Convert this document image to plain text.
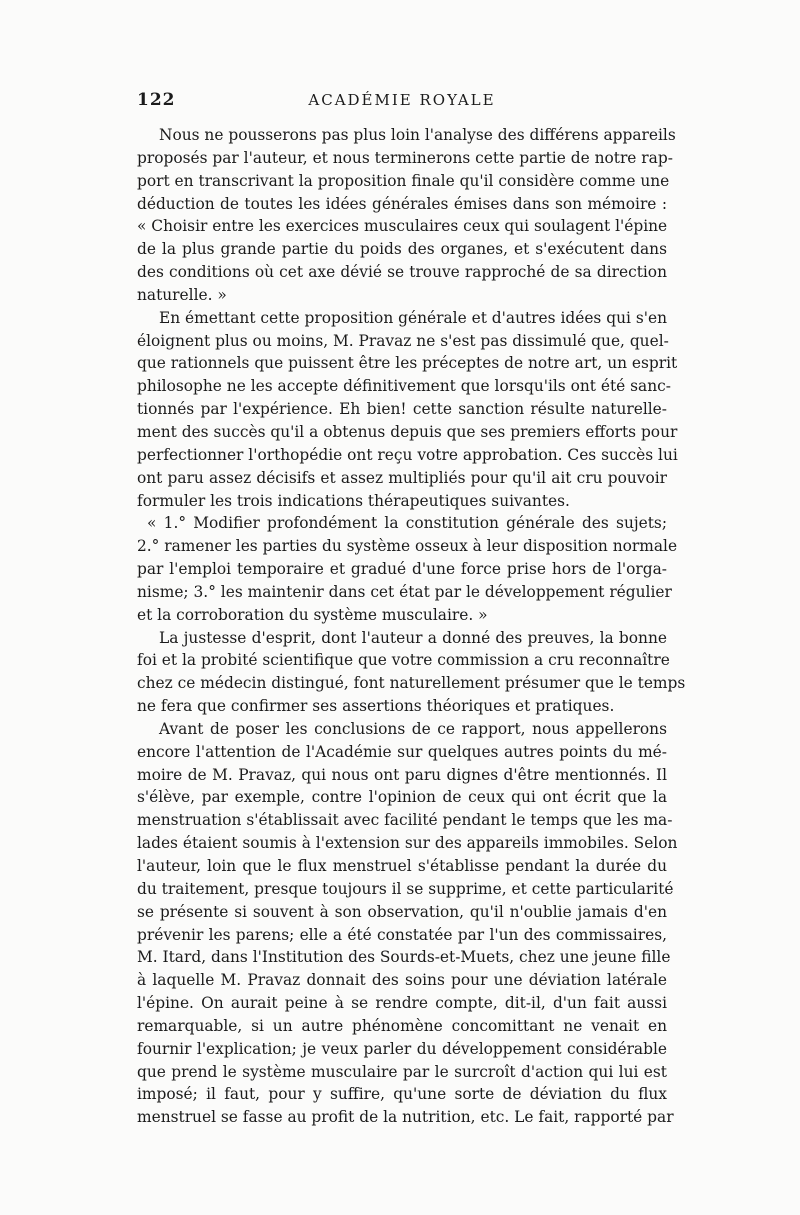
122	ACADÉMIE ROYALE
Nous ne pousserons pas plus loin l'analyse des différens appareils
proposés par l'auteur, et nous terminerons cette partie de notre rap-
port en transcrivant la proposition finale qu'il considère comme une
déduction de toutes les idées générales émises dans son mémoire :
« Choisir entre les exercices musculaires ceux qui soulagent l'épine
de la plus grande partie du poids des organes, et s'exécutent dans
des conditions où cet axe dévié se trouve rapproché de sa direction
naturelle. »
En émettant cette proposition générale et d'autres idées qui s'en
éloignent plus ou moins, M. Pravaz ne s'est pas dissimulé que, quel-
que rationnels que puissent être les préceptes de notre art, un esprit
philosophe ne les accepte définitivement que lorsqu'ils ont été sanc-
tionnés par l'expérience. Eh bien! cette sanction résulte naturelle-
ment des succès qu'il a obtenus depuis que ses premiers efforts pour
perfectionner l'orthopédie ont reçu votre approbation. Ces succès lui
ont paru assez décisifs et assez multipliés pour qu'il ait cru pouvoir
formuler les trois indications thérapeutiques suivantes.
« 1.° Modifier profondément la constitution générale des sujets;
2.° ramener les parties du système osseux à leur disposition normale
par l'emploi temporaire et gradué d'une force prise hors de l'orga-
nisme; 3.° les maintenir dans cet état par le développement régulier
et la corroboration du système musculaire. »
La justesse d'esprit, dont l'auteur a donné des preuves, la bonne
foi et la probité scientifique que votre commission a cru reconnaître
chez ce médecin distingué, font naturellement présumer que le temps
ne fera que confirmer ses assertions théoriques et pratiques.
Avant de poser les conclusions de ce rapport, nous appellerons
encore l'attention de l'Académie sur quelques autres points du mé-
moire de M. Pravaz, qui nous ont paru dignes d'être mentionnés. Il
s'élève, par exemple, contre l'opinion de ceux qui ont écrit que la
menstruation s'établissait avec facilité pendant le temps que les ma-
lades étaient soumis à l'extension sur des appareils immobiles. Selon
l'auteur, loin que le flux menstruel s'établisse pendant la durée du
du traitement, presque toujours il se supprime, et cette particularité
se présente si souvent à son observation, qu'il n'oublie jamais d'en
prévenir les parens; elle a été constatée par l'un des commissaires,
M. Itard, dans l'Institution des Sourds-et-Muets, chez une jeune fille
à laquelle M. Pravaz donnait des soins pour une déviation latérale
l'épine. On aurait peine à se rendre compte, dit-il, d'un fait aussi
remarquable, si un autre phénomène concomittant ne venait en
fournir l'explication; je veux parler du développement considérable
que prend le système musculaire par le surcroît d'action qui lui est
imposé; il faut, pour y suffire, qu'une sorte de déviation du flux
menstruel se fasse au profit de la nutrition, etc. Le fait, rapporté par
